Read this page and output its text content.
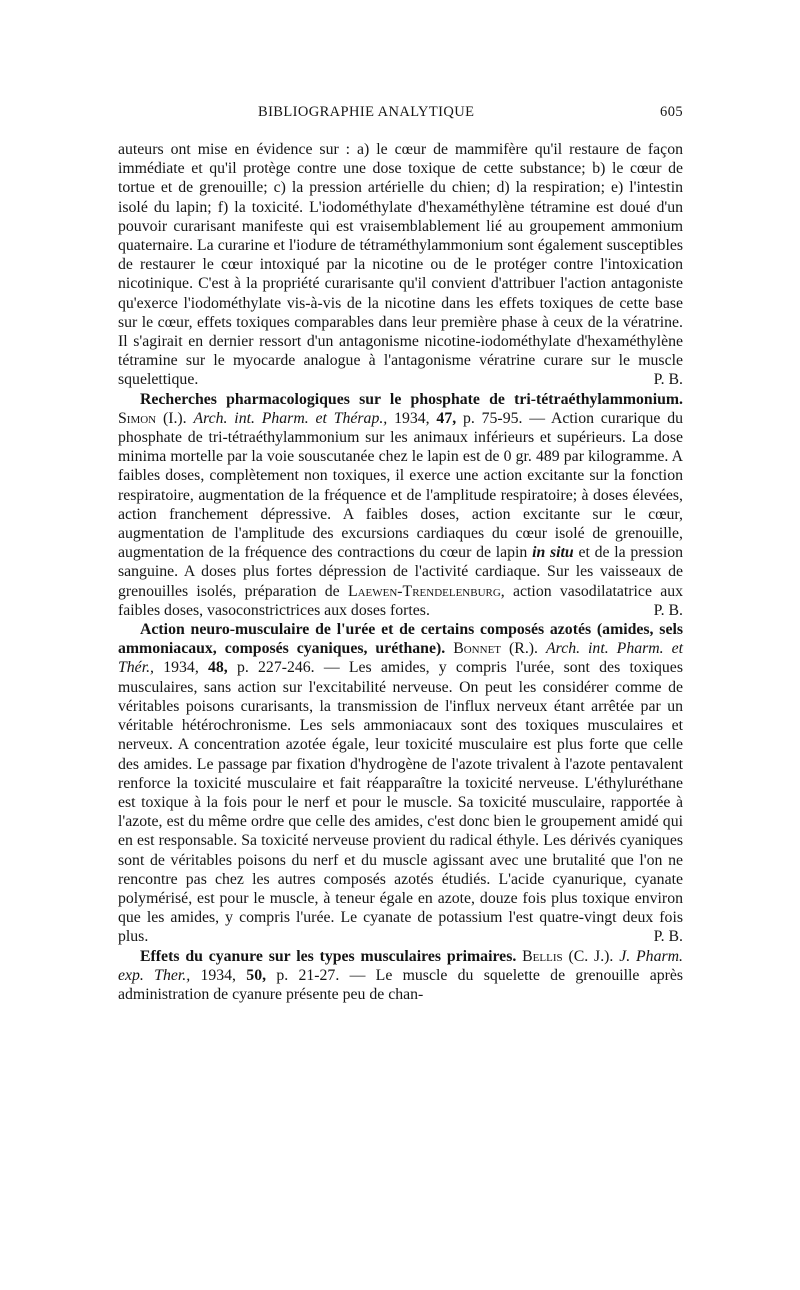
BIBLIOGRAPHIE ANALYTIQUE	605

auteurs ont mise en évidence sur : a) le cœur de mammifère qu'il restaure de façon immédiate et qu'il protège contre une dose toxique de cette substance; b) le cœur de tortue et de grenouille; c) la pression artérielle du chien; d) la respiration; e) l'intestin isolé du lapin; f) la toxicité. L'iodométhylate d'hexaméthylène tétramine est doué d'un pouvoir curarisant manifeste qui est vraisemblablement lié au groupement ammonium quaternaire. La curarine et l'iodure de tétraméthylammonium sont également susceptibles de restaurer le cœur intoxiqué par la nicotine ou de le protéger contre l'intoxication nicotinique. C'est à la propriété curarisante qu'il convient d'attribuer l'action antagoniste qu'exerce l'iodométhylate vis-à-vis de la nicotine dans les effets toxiques de cette base sur le cœur, effets toxiques comparables dans leur première phase à ceux de la vératrine. Il s'agirait en dernier ressort d'un antagonisme nicotine-iodométhylate d'hexaméthylène tétramine sur le myocarde analogue à l'antagonisme vératrine curare sur le muscle squelettique.	P. B.

Recherches pharmacologiques sur le phosphate de tri-tétraéthylammonium. Simon (I.). Arch. int. Pharm. et Thérap., 1934, 47, p. 75-95. — Action curarique du phosphate de tri-tétraéthylammonium sur les animaux inférieurs et supérieurs. La dose minima mortelle par la voie souscutanée chez le lapin est de 0 gr. 489 par kilogramme. A faibles doses, complètement non toxiques, il exerce une action excitante sur la fonction respiratoire, augmentation de la fréquence et de l'amplitude respiratoire; à doses élevées, action franchement dépressive. A faibles doses, action excitante sur le cœur, augmentation de l'amplitude des excursions cardiaques du cœur isolé de grenouille, augmentation de la fréquence des contractions du cœur de lapin in situ et de la pression sanguine. A doses plus fortes dépression de l'activité cardiaque. Sur les vaisseaux de grenouilles isolés, préparation de Laewen-Trendelenburg, action vasodilatatrice aux faibles doses, vasoconstrictrices aux doses fortes.	P. B.

Action neuro-musculaire de l'urée et de certains composés azotés (amides, sels ammoniacaux, composés cyaniques, uréthane). Bonnet (R.). Arch. int. Pharm. et Thér., 1934, 48, p. 227-246. — Les amides, y compris l'urée, sont des toxiques musculaires, sans action sur l'excitabilité nerveuse. On peut les considérer comme de véritables poisons curarisants, la transmission de l'influx nerveux étant arrêtée par un véritable hétérochronisme. Les sels ammoniacaux sont des toxiques musculaires et nerveux. A concentration azotée égale, leur toxicité musculaire est plus forte que celle des amides. Le passage par fixation d'hydrogène de l'azote trivalent à l'azote pentavalent renforce la toxicité musculaire et fait réapparaître la toxicité nerveuse. L'éthyluréthane est toxique à la fois pour le nerf et pour le muscle. Sa toxicité musculaire, rapportée à l'azote, est du même ordre que celle des amides, c'est donc bien le groupement amidé qui en est responsable. Sa toxicité nerveuse provient du radical éthyle. Les dérivés cyaniques sont de véritables poisons du nerf et du muscle agissant avec une brutalité que l'on ne rencontre pas chez les autres composés azotés étudiés. L'acide cyanurique, cyanate polymérisé, est pour le muscle, à teneur égale en azote, douze fois plus toxique environ que les amides, y compris l'urée. Le cyanate de potassium l'est quatre-vingt deux fois plus.	P. B.

Effets du cyanure sur les types musculaires primaires. Bellis (C. J.). J. Pharm. exp. Ther., 1934, 50, p. 21-27. — Le muscle du squelette de grenouille après administration de cyanure présente peu de chan-
